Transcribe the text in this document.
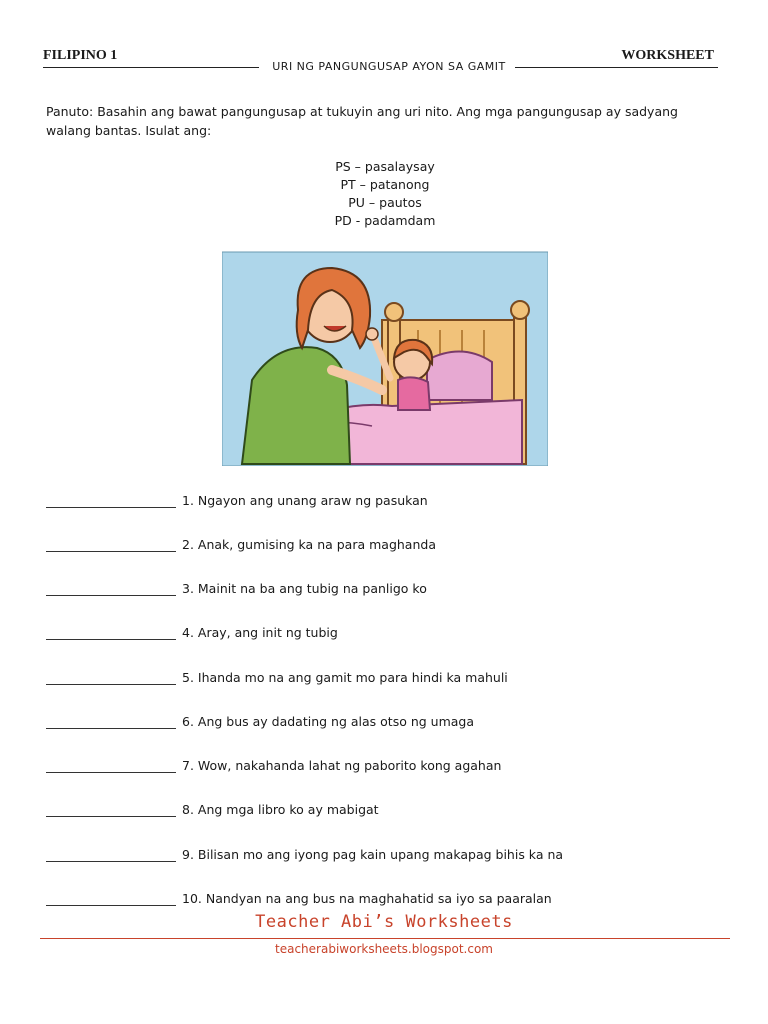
FILIPINO 1	WORKSHEET
URI NG PANGUNGUSAP AYON SA GAMIT
Panuto: Basahin ang bawat pangungusap at tukuyin ang uri nito. Ang mga pangungusap ay sadyang walang bantas. Isulat ang:
PS – pasalaysay
PT – patanong
PU – pautos
PD - padamdam
1. Ngayon ang unang araw ng pasukan
2. Anak, gumising ka na para maghanda
3. Mainit na ba ang tubig na panligo ko
4. Aray, ang init ng tubig
5. Ihanda mo na ang gamit mo para hindi ka mahuli
6. Ang bus ay dadating ng alas otso ng umaga
7. Wow, nakahanda lahat ng paborito kong agahan
8. Ang mga libro ko ay mabigat
9. Bilisan mo ang iyong pag kain upang makapag bihis ka na
10. Nandyan na ang bus na maghahatid sa iyo sa paaralan
Teacher Abi’s Worksheets
teacherabiworksheets.blogspot.com
